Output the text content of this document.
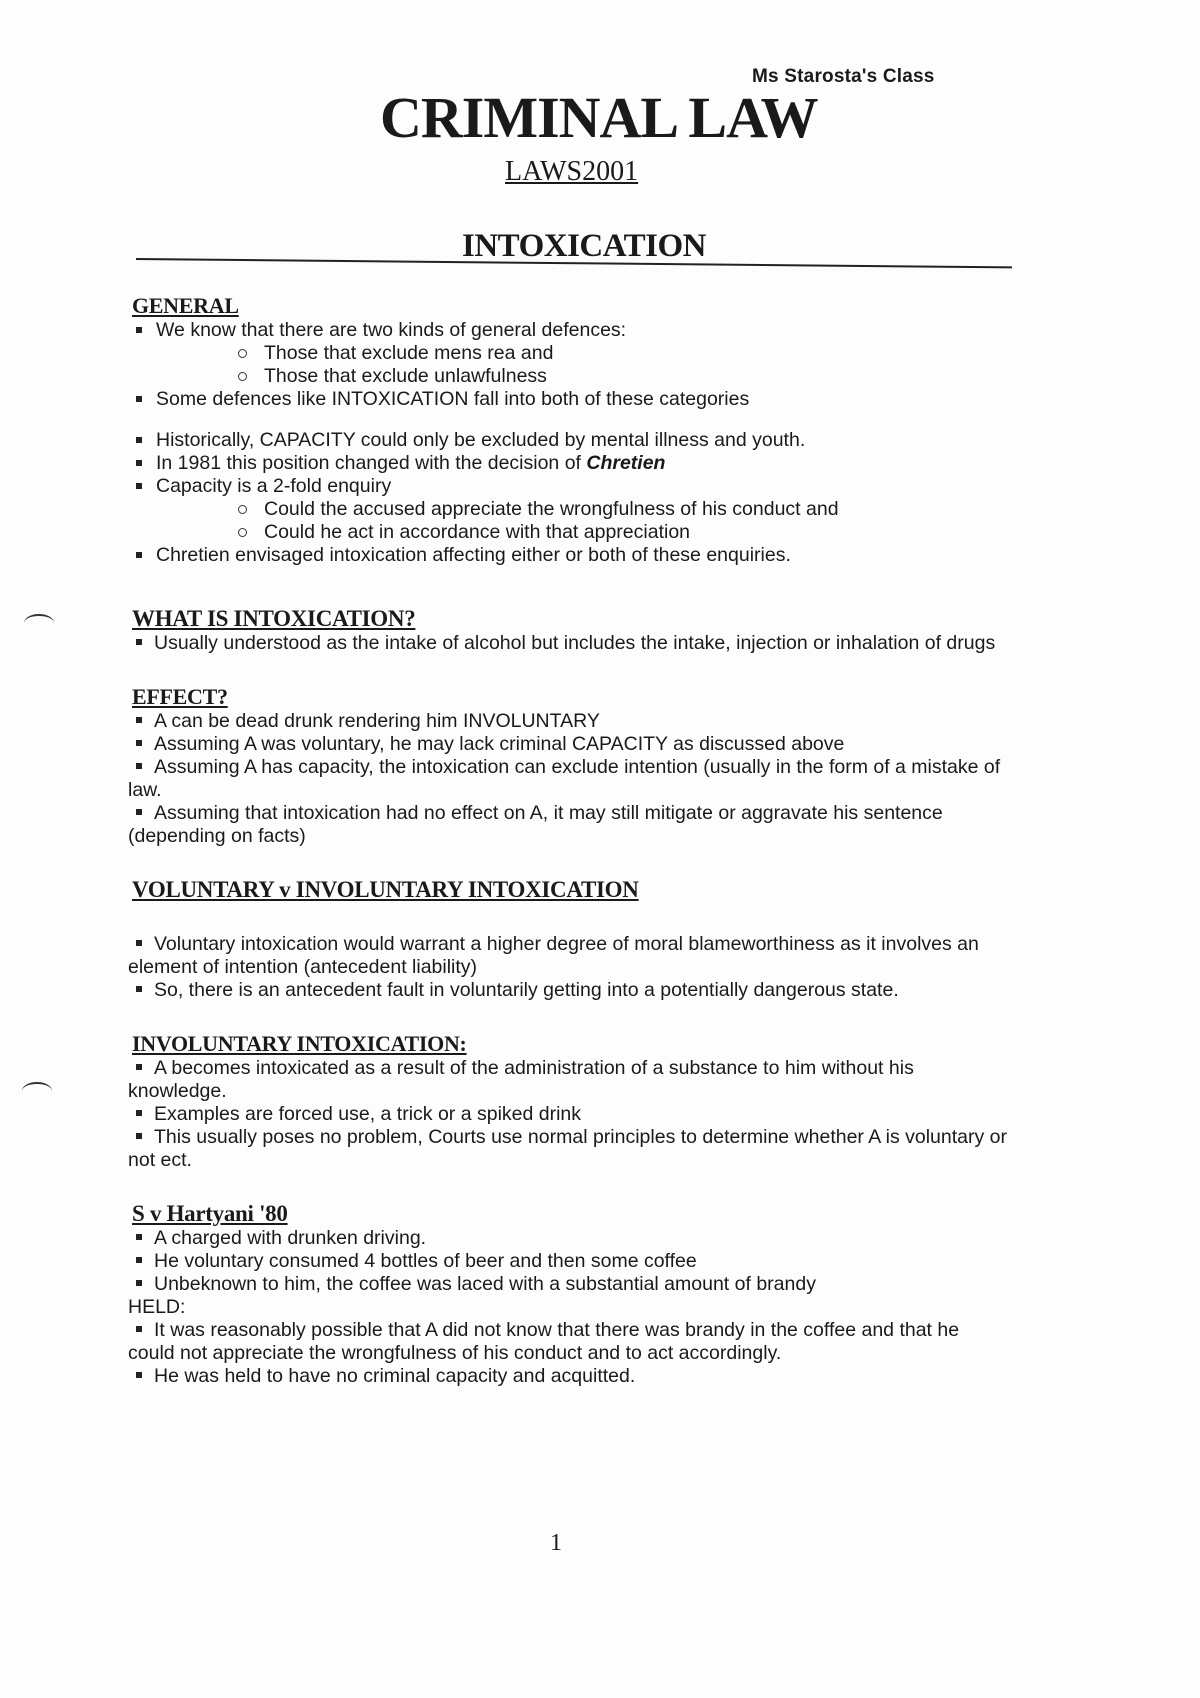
Ms Starosta's Class
CRIMINAL LAW
LAWS2001
INTOXICATION
GENERAL
We know that there are two kinds of general defences:
Those that exclude mens rea and
Those that exclude unlawfulness
Some defences like INTOXICATION fall into both of these categories
Historically, CAPACITY could only be excluded by mental illness and youth.
In 1981 this position changed with the decision of Chretien
Capacity is a 2-fold enquiry
Could the accused appreciate the wrongfulness of his conduct and
Could he act in accordance with that appreciation
Chretien envisaged intoxication affecting either or both of these enquiries.
WHAT IS INTOXICATION?
Usually understood as the intake of alcohol but includes the intake, injection or inhalation of drugs
EFFECT?
A can be dead drunk rendering him INVOLUNTARY
Assuming A was voluntary, he may lack criminal CAPACITY as discussed above
Assuming A has capacity, the intoxication can exclude intention (usually in the form of a mistake of law.
Assuming that intoxication had no effect on A, it may still mitigate or aggravate his sentence (depending on facts)
VOLUNTARY v INVOLUNTARY INTOXICATION
Voluntary intoxication would warrant a higher degree of moral blameworthiness as it involves an element of intention (antecedent liability)
So, there is an antecedent fault in voluntarily getting into a potentially dangerous state.
INVOLUNTARY INTOXICATION:
A becomes intoxicated as a result of the administration of a substance to him without his knowledge.
Examples are forced use, a trick or a spiked drink
This usually poses no problem, Courts use normal principles to determine whether A is voluntary or not ect.
S v Hartyani '80
A charged with drunken driving.
He voluntary consumed 4 bottles of beer and then some coffee
Unbeknown to him, the coffee was laced with a substantial amount of brandy
HELD:
It was reasonably possible that A did not know that there was brandy in the coffee and that he could not appreciate the wrongfulness of his conduct and to act accordingly.
He was held to have no criminal capacity and acquitted.
1
